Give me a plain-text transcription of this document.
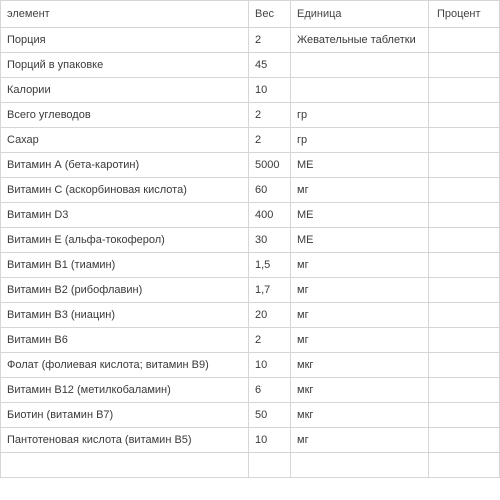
элемент	Вес	Единица	Процент
Порция	2	Жевательные таблетки	
Порций в упаковке	45		
Калории	10		
Всего углеводов	2	гр	
Сахар	2	гр	
Витамин А (бета-каротин)	5000	МЕ	
Витамин С (аскорбиновая кислота)	60	мг	
Витамин D3	400	МЕ	
Витамин Е (альфа-токоферол)	30	МЕ	
Витамин B1 (тиамин)	1,5	мг	
Витамин B2 (рибофлавин)	1,7	мг	
Витамин B3 (ниацин)	20	мг	
Витамин B6	2	мг	
Фолат (фолиевая кислота; витамин B9)	10	мкг	
Витамин B12 (метилкобаламин)	6	мкг	
Биотин (витамин B7)	50	мкг	
Пантотеновая кислота (витамин B5)	10	мг	
